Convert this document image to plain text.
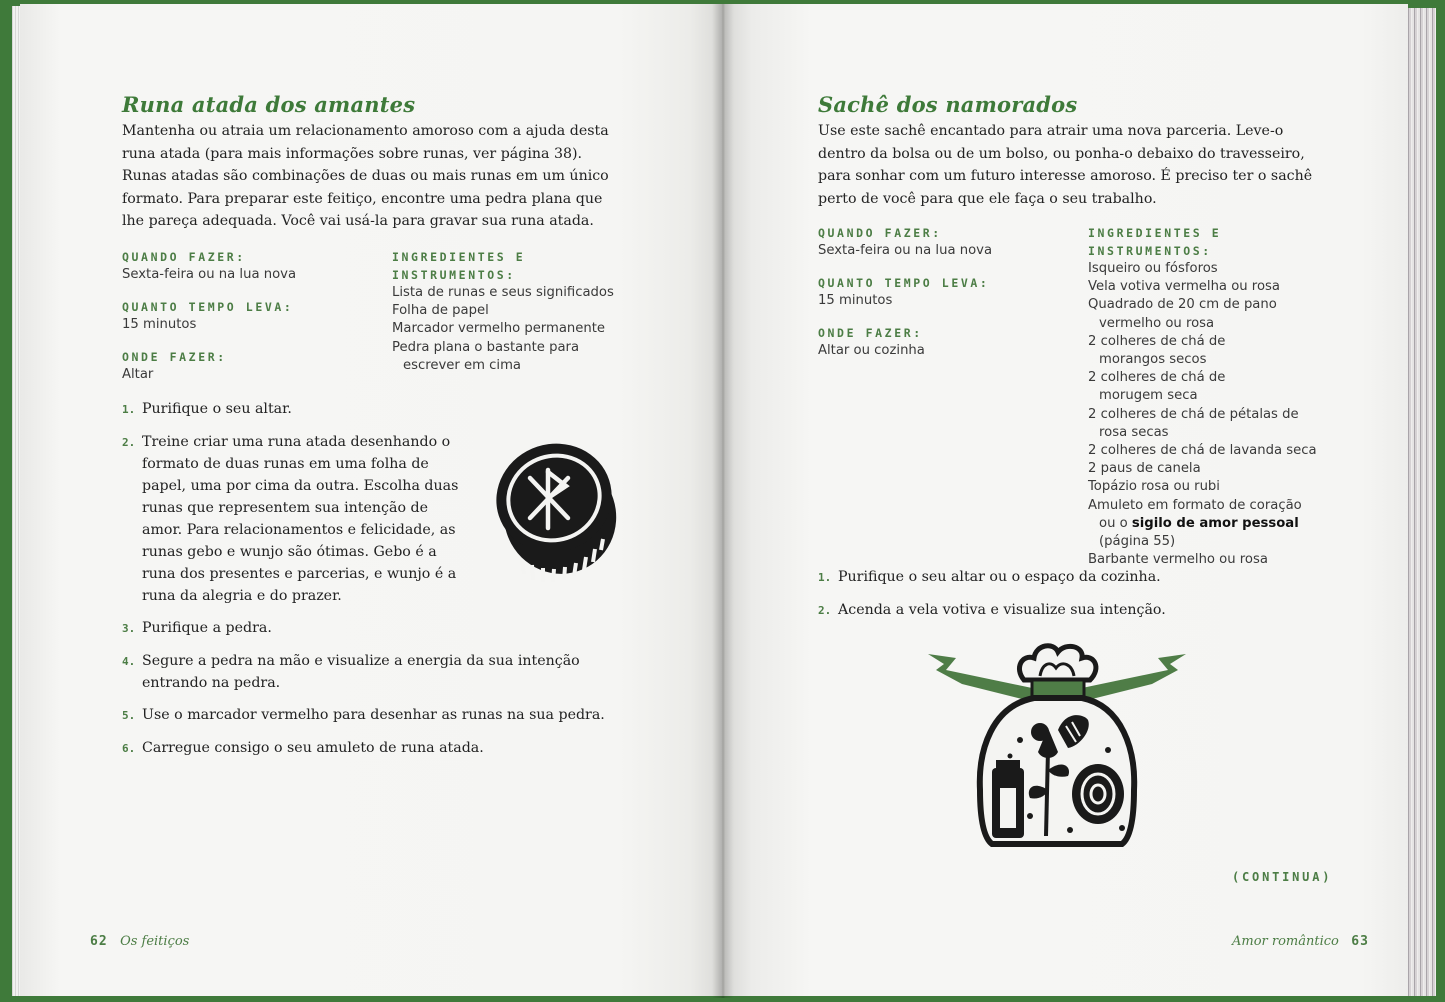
Runa atada dos amantes

Mantenha ou atraia um relacionamento amoroso com a ajuda desta runa atada (para mais informações sobre runas, ver página 38). Runas atadas são combinações de duas ou mais runas em um único formato. Para preparar este feitiço, encontre uma pedra plana que lhe pareça adequada. Você vai usá-la para gravar sua runa atada.

QUANDO FAZER:
Sexta-feira ou na lua nova
QUANTO TEMPO LEVA:
15 minutos
ONDE FAZER:
Altar
INGREDIENTES E INSTRUMENTOS:
Lista de runas e seus significados
Folha de papel
Marcador vermelho permanente
Pedra plana o bastante para escrever em cima
1. Purifique o seu altar.
2. Treine criar uma runa atada desenhando o formato de duas runas em uma folha de papel, uma por cima da outra. Escolha duas runas que representem sua intenção de amor. Para relacionamentos e felicidade, as runas gebo e wunjo são ótimas. Gebo é a runa dos presentes e parcerias, e wunjo é a runa da alegria e do prazer.
3. Purifique a pedra.
4. Segure a pedra na mão e visualize a energia da sua intenção entrando na pedra.
5. Use o marcador vermelho para desenhar as runas na sua pedra.
6. Carregue consigo o seu amuleto de runa atada.
62 Os feitiços
Sachê dos namorados

Use este sachê encantado para atrair uma nova parceria. Leve-o dentro da bolsa ou de um bolso, ou ponha-o debaixo do travesseiro, para sonhar com um futuro interesse amoroso. É preciso ter o sachê perto de você para que ele faça o seu trabalho.

QUANDO FAZER:
Sexta-feira ou na lua nova
QUANTO TEMPO LEVA:
15 minutos
ONDE FAZER:
Altar ou cozinha
INGREDIENTES E INSTRUMENTOS:
Isqueiro ou fósforos
Vela votiva vermelha ou rosa
Quadrado de 20 cm de pano vermelho ou rosa
2 colheres de chá de morangos secos
2 colheres de chá de morugem seca
2 colheres de chá de pétalas de rosa secas
2 colheres de chá de lavanda seca
2 paus de canela
Topázio rosa ou rubi
Amuleto em formato de coração ou o sigilo de amor pessoal (página 55)
Barbante vermelho ou rosa
1. Purifique o seu altar ou o espaço da cozinha.
2. Acenda a vela votiva e visualize sua intenção.
(CONTINUA)
Amor romântico 63
